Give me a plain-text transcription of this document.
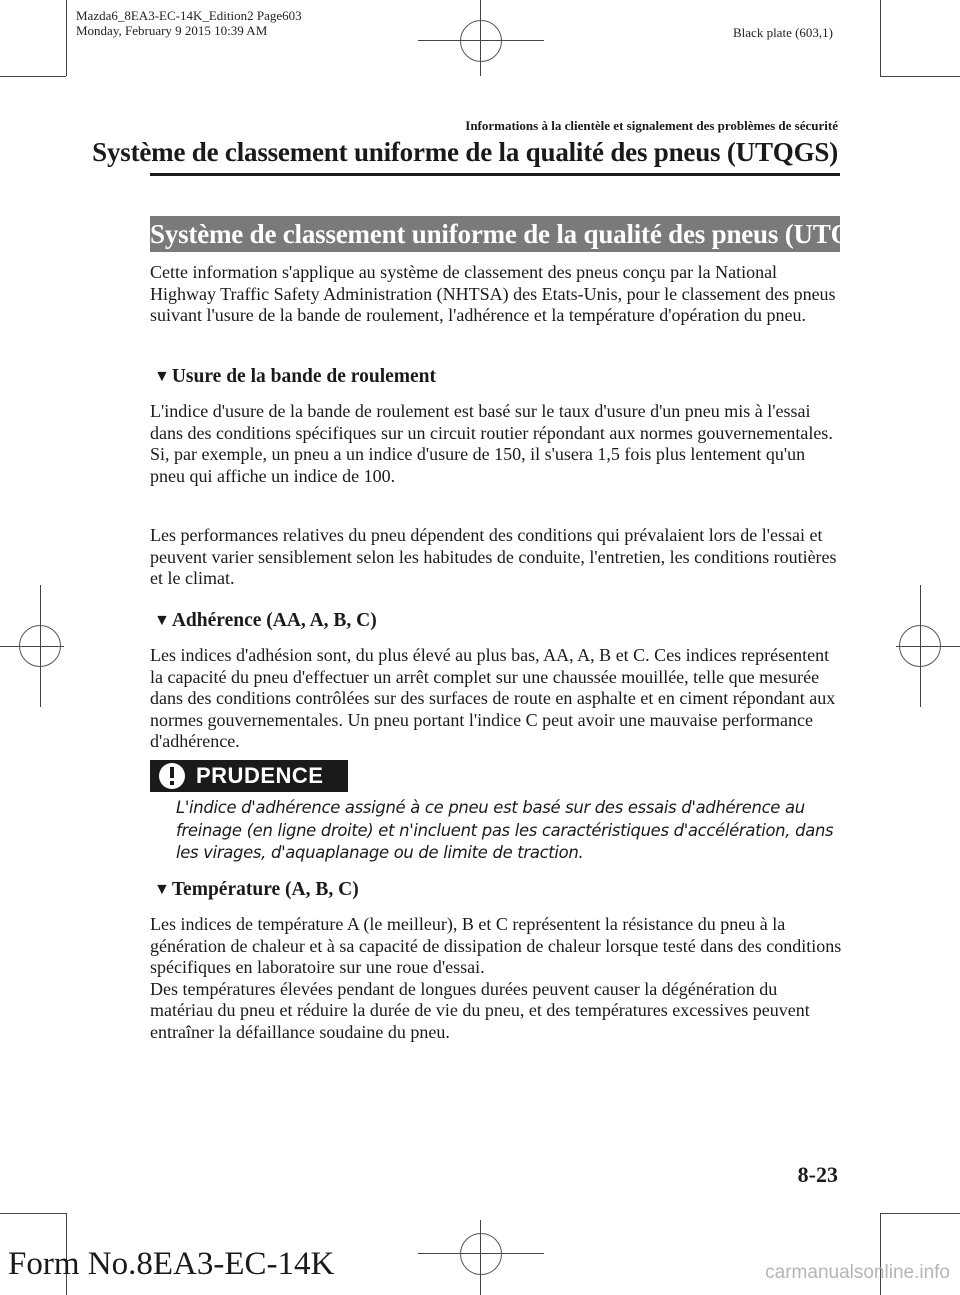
Mazda6_8EA3-EC-14K_Edition2 Page603
Monday, February 9 2015 10:39 AM	Black plate (603,1)
Informations à la clientèle et signalement des problèmes de sécurité
Système de classement uniforme de la qualité des pneus (UTQGS)
Système de classement uniforme de la qualité des pneus (UTQGS)
Cette information s'applique au système de classement des pneus conçu par la National Highway Traffic Safety Administration (NHTSA) des Etats-Unis, pour le classement des pneus suivant l'usure de la bande de roulement, l'adhérence et la température d'opération du pneu.
▼ Usure de la bande de roulement

L'indice d'usure de la bande de roulement est basé sur le taux d'usure d'un pneu mis à l'essai dans des conditions spécifiques sur un circuit routier répondant aux normes gouvernementales.

Si, par exemple, un pneu a un indice d'usure de 150, il s'usera 1,5 fois plus lentement qu'un pneu qui affiche un indice de 100.

Les performances relatives du pneu dépendent des conditions qui prévalaient lors de l'essai et peuvent varier sensiblement selon les habitudes de conduite, l'entretien, les conditions routières et le climat.
▼ Adhérence (AA, A, B, C)
Les indices d'adhésion sont, du plus élevé au plus bas, AA, A, B et C. Ces indices représentent la capacité du pneu d'effectuer un arrêt complet sur une chaussée mouillée, telle que mesurée dans des conditions contrôlées sur des surfaces de route en asphalte et en ciment répondant aux normes gouvernementales. Un pneu portant l'indice C peut avoir une mauvaise performance d'adhérence.
PRUDENCE
L'indice d'adhérence assigné à ce pneu est basé sur des essais d'adhérence au freinage (en ligne droite) et n'incluent pas les caractéristiques d'accélération, dans les virages, d'aquaplanage ou de limite de traction.
▼ Température (A, B, C)

Les indices de température A (le meilleur), B et C représentent la résistance du pneu à la génération de chaleur et à sa capacité de dissipation de chaleur lorsque testé dans des conditions spécifiques en laboratoire sur une roue d'essai.

Des températures élevées pendant de longues durées peuvent causer la dégénération du matériau du pneu et réduire la durée de vie du pneu, et des températures excessives peuvent entraîner la défaillance soudaine du pneu.

8-23
Form No.8EA3-EC-14K	carmanualsonline.info
